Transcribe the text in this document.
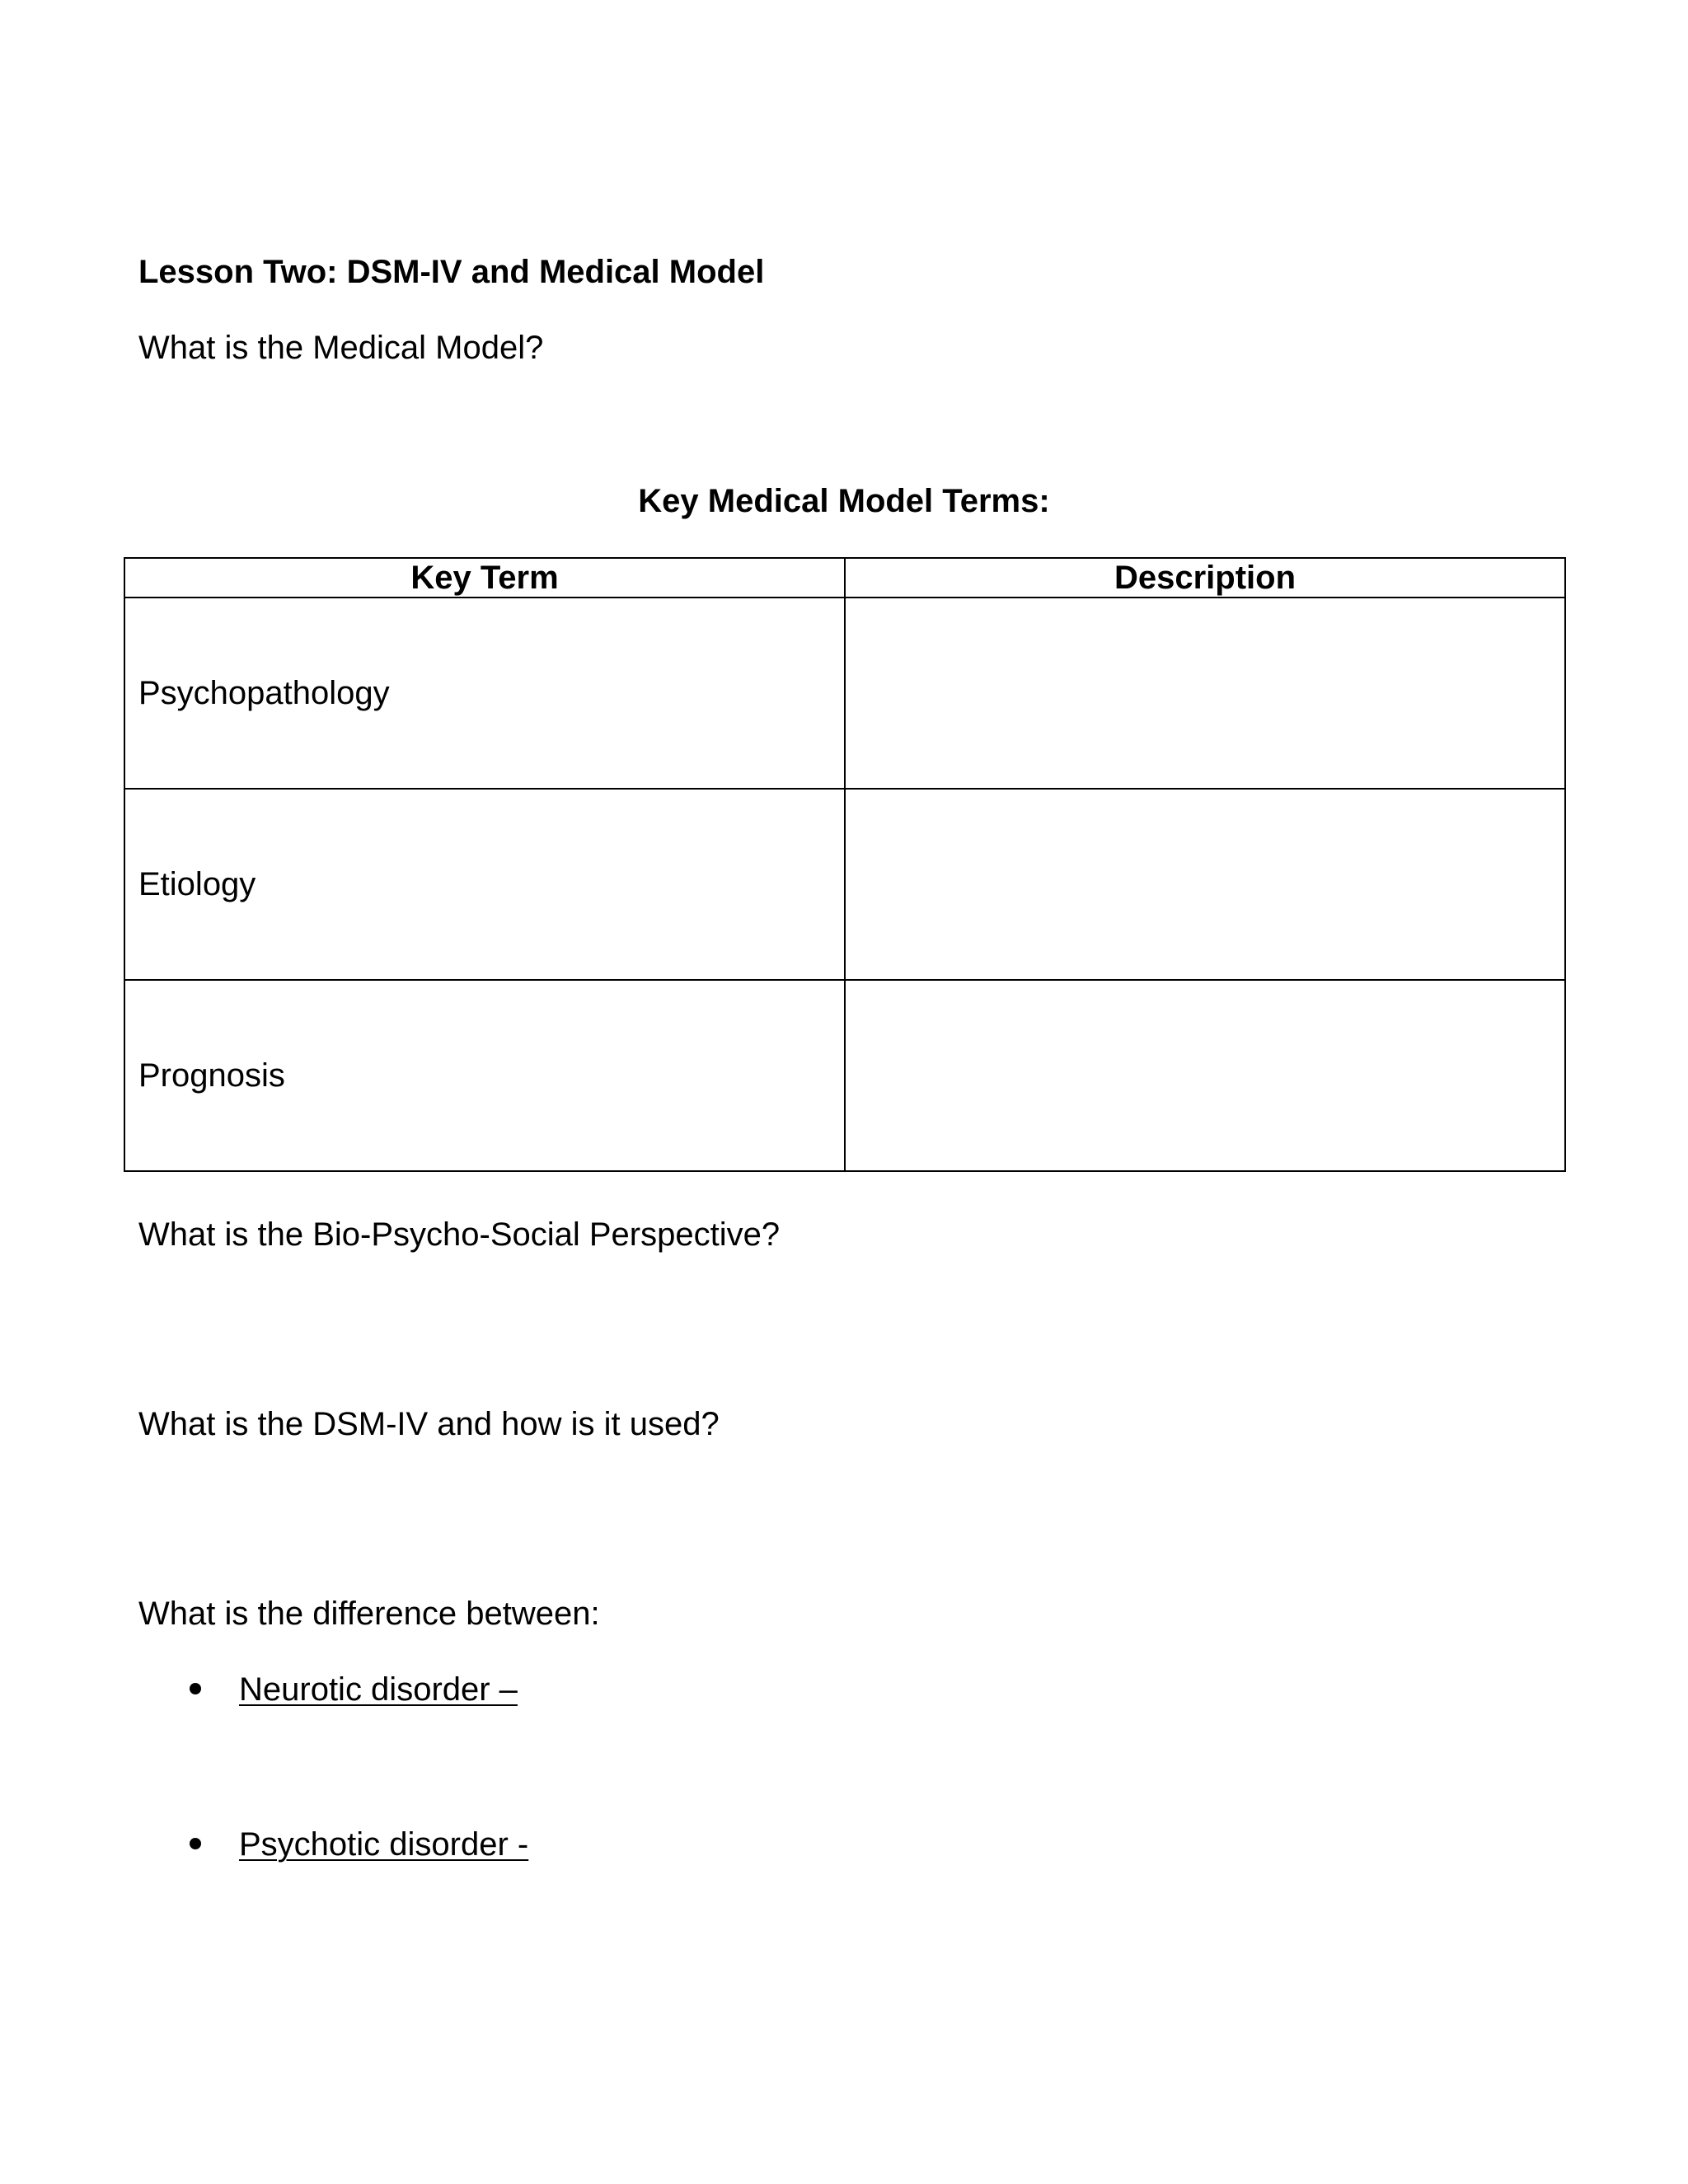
Lesson Two: DSM-IV and Medical Model
What is the Medical Model?
Key Medical Model Terms:
Key Term	Description
Psychopathology	
Etiology	
Prognosis	
What is the Bio-Psycho-Social Perspective?
What is the DSM-IV and how is it used?
What is the difference between:
Neurotic disorder –
Psychotic disorder -
